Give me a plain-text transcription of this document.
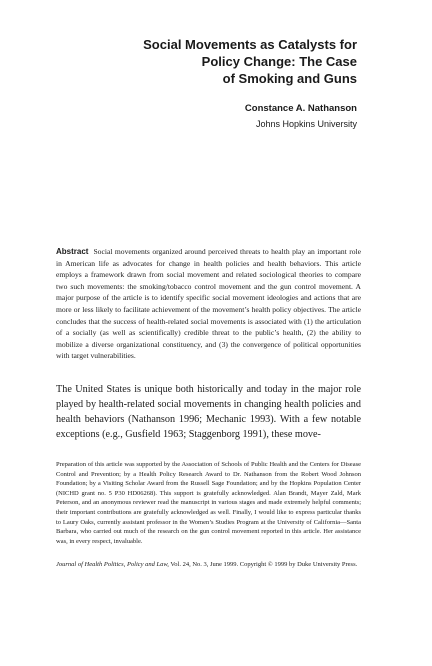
Social Movements as Catalysts for
Policy Change: The Case
of Smoking and Guns
Constance A. Nathanson
Johns Hopkins University

Abstract Social movements organized around perceived threats to health play an important role in American life as advocates for change in health policies and health behaviors. This article employs a framework drawn from social movement and related sociological theories to compare two such movements: the smoking/tobacco control movement and the gun control movement. A major purpose of the article is to identify specific social movement ideologies and actions that are more or less likely to facilitate achievement of the movement’s health policy objectives. The article concludes that the success of health-related social movements is associated with (1) the articulation of a socially (as well as scientifically) credible threat to the public’s health, (2) the ability to mobilize a diverse organizational constituency, and (3) the convergence of political opportunities with target vulnerabilities.

The United States is unique both historically and today in the major role played by health-related social movements in changing health policies and health behaviors (Nathanson 1996; Mechanic 1993). With a few notable exceptions (e.g., Gusfield 1963; Staggenborg 1991), these move-

Preparation of this article was supported by the Association of Schools of Public Health and the Centers for Disease Control and Prevention; by a Health Policy Research Award to Dr. Nathanson from the Robert Wood Johnson Foundation; by a Visiting Scholar Award from the Russell Sage Foundation; and by the Hopkins Population Center (NICHD grant no. 5 P30 HD06268). This support is gratefully acknowledged. Alan Brandt, Mayer Zald, Mark Peterson, and an anonymous reviewer read the manuscript in various stages and made extremely helpful comments; their important contributions are gratefully acknowledged as well. Finally, I would like to express particular thanks to Laury Oaks, currently assistant professor in the Women’s Studies Program at the University of California—Santa Barbara, who carried out much of the research on the gun control movement reported in this article. Her assistance was, in every respect, invaluable.

Journal of Health Politics, Policy and Law, Vol. 24, No. 3, June 1999. Copyright © 1999 by Duke University Press.
